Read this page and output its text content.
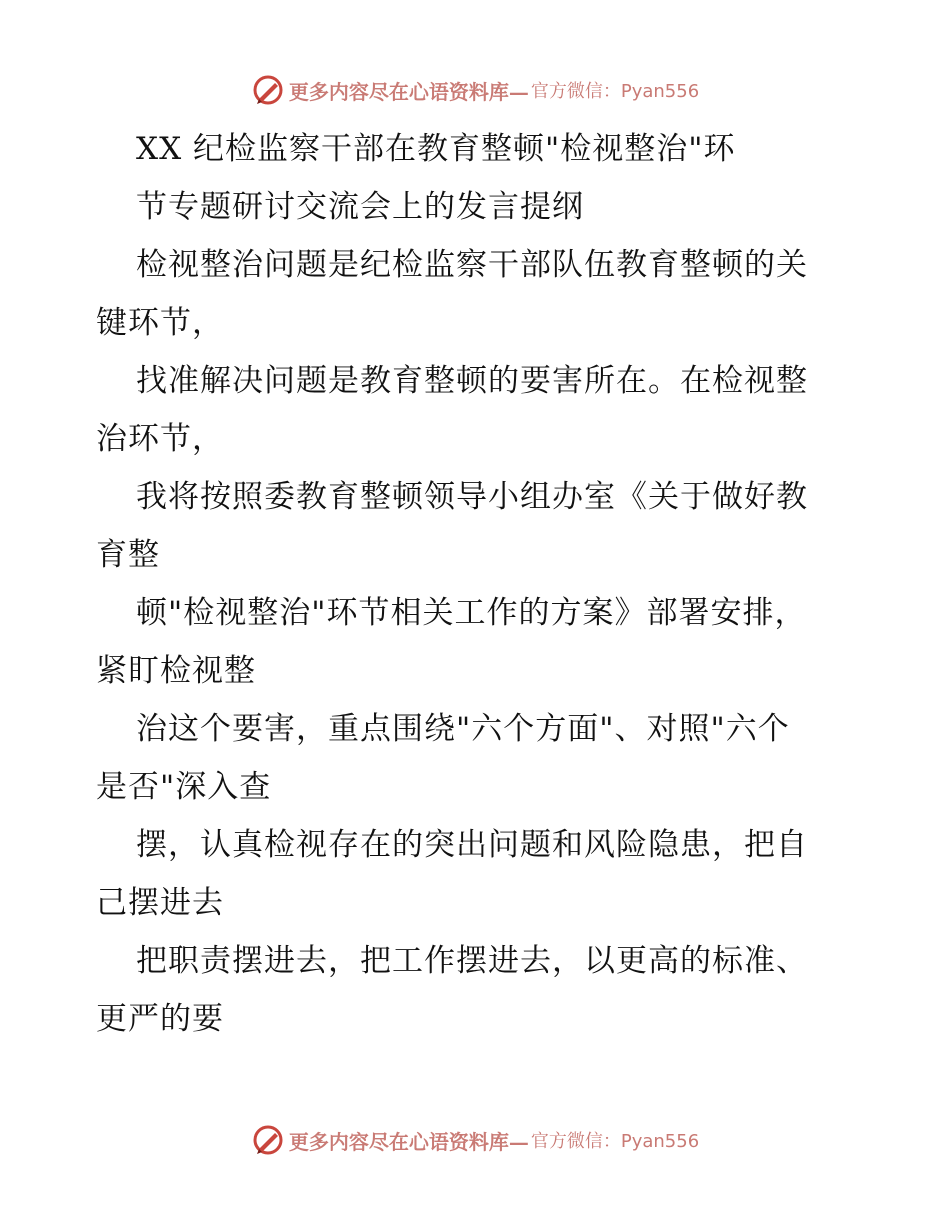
更多内容尽在心语资料库— 官方微信：Pyan556
XX 纪检监察干部在教育整顿"检视整治"环
节专题研讨交流会上的发言提纲
检视整治问题是纪检监察干部队伍教育整顿的关
键环节，
找准解决问题是教育整顿的要害所在。在检视整
治环节，
我将按照委教育整顿领导小组办室《关于做好教
育整
顿"检视整治"环节相关工作的方案》部署安排，
紧盯检视整
治这个要害，重点围绕"六个方面"、对照"六个
是否"深入查
摆，认真检视存在的突出问题和风险隐患，把自
己摆进去
把职责摆进去，把工作摆进去，以更高的标准、
更严的要
更多内容尽在心语资料库— 官方微信：Pyan556
